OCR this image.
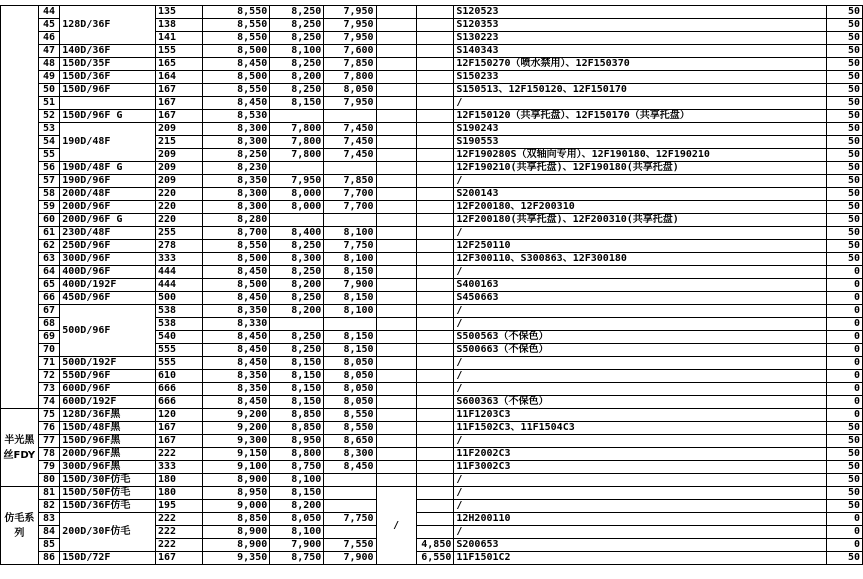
	44	128D/36F	135	8,550	8,250	7,950			S120523	50
	45		138	8,550	8,250	7,950			S120353	50
	46		141	8,550	8,250	7,950			S130223	50
	47	140D/36F	155	8,500	8,100	7,600			S140343	50
	48	150D/35F	165	8,450	8,250	7,850			12F150270（喷水禁用）、12F150370	50
	49	150D/36F	164	8,500	8,200	7,800			S150233	50
	50	150D/96F	167	8,550	8,250	8,050			S150513、12F150120、12F150170	50
	51		167	8,450	8,150	7,950			/	50
	52	150D/96F Ġ	167	8,530					12F150120（共享托盘）、12F150170（共享托盘）	50
	53	190D/48F	209	8,300	7,800	7,450			S190243	50
	54		215	8,300	7,800	7,450			S190553	50
	55		209	8,250	7,800	7,450			12F190280S（双轴向专用）、12F190180、12F190210	50
	56	190D/48F Ġ	209	8,230					12F190210(共享托盘)、12F190180(共享托盘)	50
	57	190D/96F	209	8,350	7,950	7,850			/	50
	58	200D/48F	220	8,300	8,000	7,700			S200143	50
	59	200D/96F	220	8,300	8,000	7,700			12F200180、12F200310	50
	60	200D/96F Ġ	220	8,280					12F200180(共享托盘)、12F200310(共享托盘)	50
	61	230D/48F	255	8,700	8,400	8,100			/	50
	62	250D/96F	278	8,550	8,250	7,750			12F250110	50
	63	300D/96F	333	8,500	8,300	8,100			12F300110、S300863、12F300180	50
	64	400D/96F	444	8,450	8,250	8,150			/	0
	65	400D/192F	444	8,500	8,200	7,900			S400163	0
	66	450D/96F	500	8,450	8,250	8,150			S450663	0
	67	500D/96F	538	8,350	8,200	8,100			/	0
	68		538	8,330					/	0
	69		540	8,450	8,250	8,150			S500563（不保色）	0
	70		555	8,450	8,250	8,150			S500663（不保色）	0
	71	500D/192F	555	8,450	8,150	8,050			/	0
	72	550D/96F	610	8,350	8,150	8,050			/	0
	73	600D/96F	666	8,350	8,150	8,050			/	0
	74	600D/192F	666	8,450	8,150	8,050			S600363（不保色）	0
半光黑丝FDY	75	128D/36F黑	120	9,200	8,850	8,550			11F1203C3	0
	76	150D/48F黑	167	9,200	8,850	8,550			11F1502C3、11F1504C3	50
	77	150D/96F黑	167	9,300	8,950	8,650			/	50
	78	200D/96F黑	222	9,150	8,800	8,300			11F2002C3	50
	79	300D/96F黑	333	9,100	8,750	8,450			11F3002C3	50
	80	150D/30F仿毛	180	8,900	8,100				/	50
仿毛系列	81	150D/50F仿毛	180	8,950	8,150		/		/	50
	82	150D/36F仿毛	195	9,000	8,200				/	50
	83	200D/30F仿毛	222	8,850	8,050	7,750			12H200110	0
	84		222	8,900	8,100				/	0
	85		222	8,900	7,900	7,550		4,850	S200653	0
	86	150D/72F	167	9,350	8,750	7,900		6,550	11F1501C2	50
